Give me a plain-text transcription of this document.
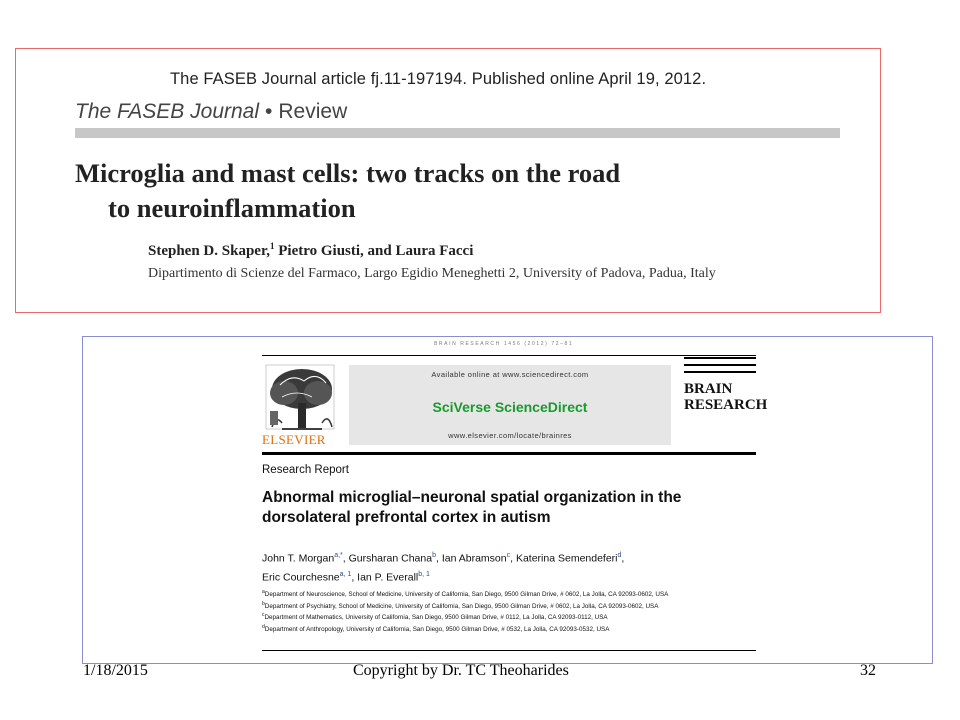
The FASEB Journal article fj.11-197194. Published online April 19, 2012.
The FASEB Journal • Review
Microglia and mast cells: two tracks on the road
to neuroinflammation
Stephen D. Skaper,$^1$ Pietro Giusti, and Laura Facci
Dipartimento di Scienze del Farmaco, Largo Egidio Meneghetti 2, University of Padova, Padua, Italy
BRAIN RESEARCH 1456 (2012) 72–81
ELSEVIER
Available online at www.sciencedirect.com
SciVerse ScienceDirect
www.elsevier.com/locate/brainres
BRAIN
RESEARCH
Research Report
Abnormal microglial–neuronal spatial organization in the dorsolateral prefrontal cortex in autism
John T. Morgan$^{a,*}$, Gursharan Chana$^b$, Ian Abramson$^c$, Katerina Semendeferi$^d$,
Eric Courchesne$^{a, 1}$, Ian P. Everall$^{b, 1}$
$^a$Department of Neuroscience, School of Medicine, University of California, San Diego, 9500 Gilman Drive, # 0602, La Jolla, CA 92093-0602, USA
$^b$Department of Psychiatry, School of Medicine, University of California, San Diego, 9500 Gilman Drive, # 0602, La Jolla, CA 92093-0602, USA
$^c$Department of Mathematics, University of California, San Diego, 9500 Gilman Drive, # 0112, La Jolla, CA 92093-0112, USA
$^d$Department of Anthropology, University of California, San Diego, 9500 Gilman Drive, # 0532, La Jolla, CA 92093-0532, USA
1/18/2015	Copyright by Dr. TC Theoharides	32
